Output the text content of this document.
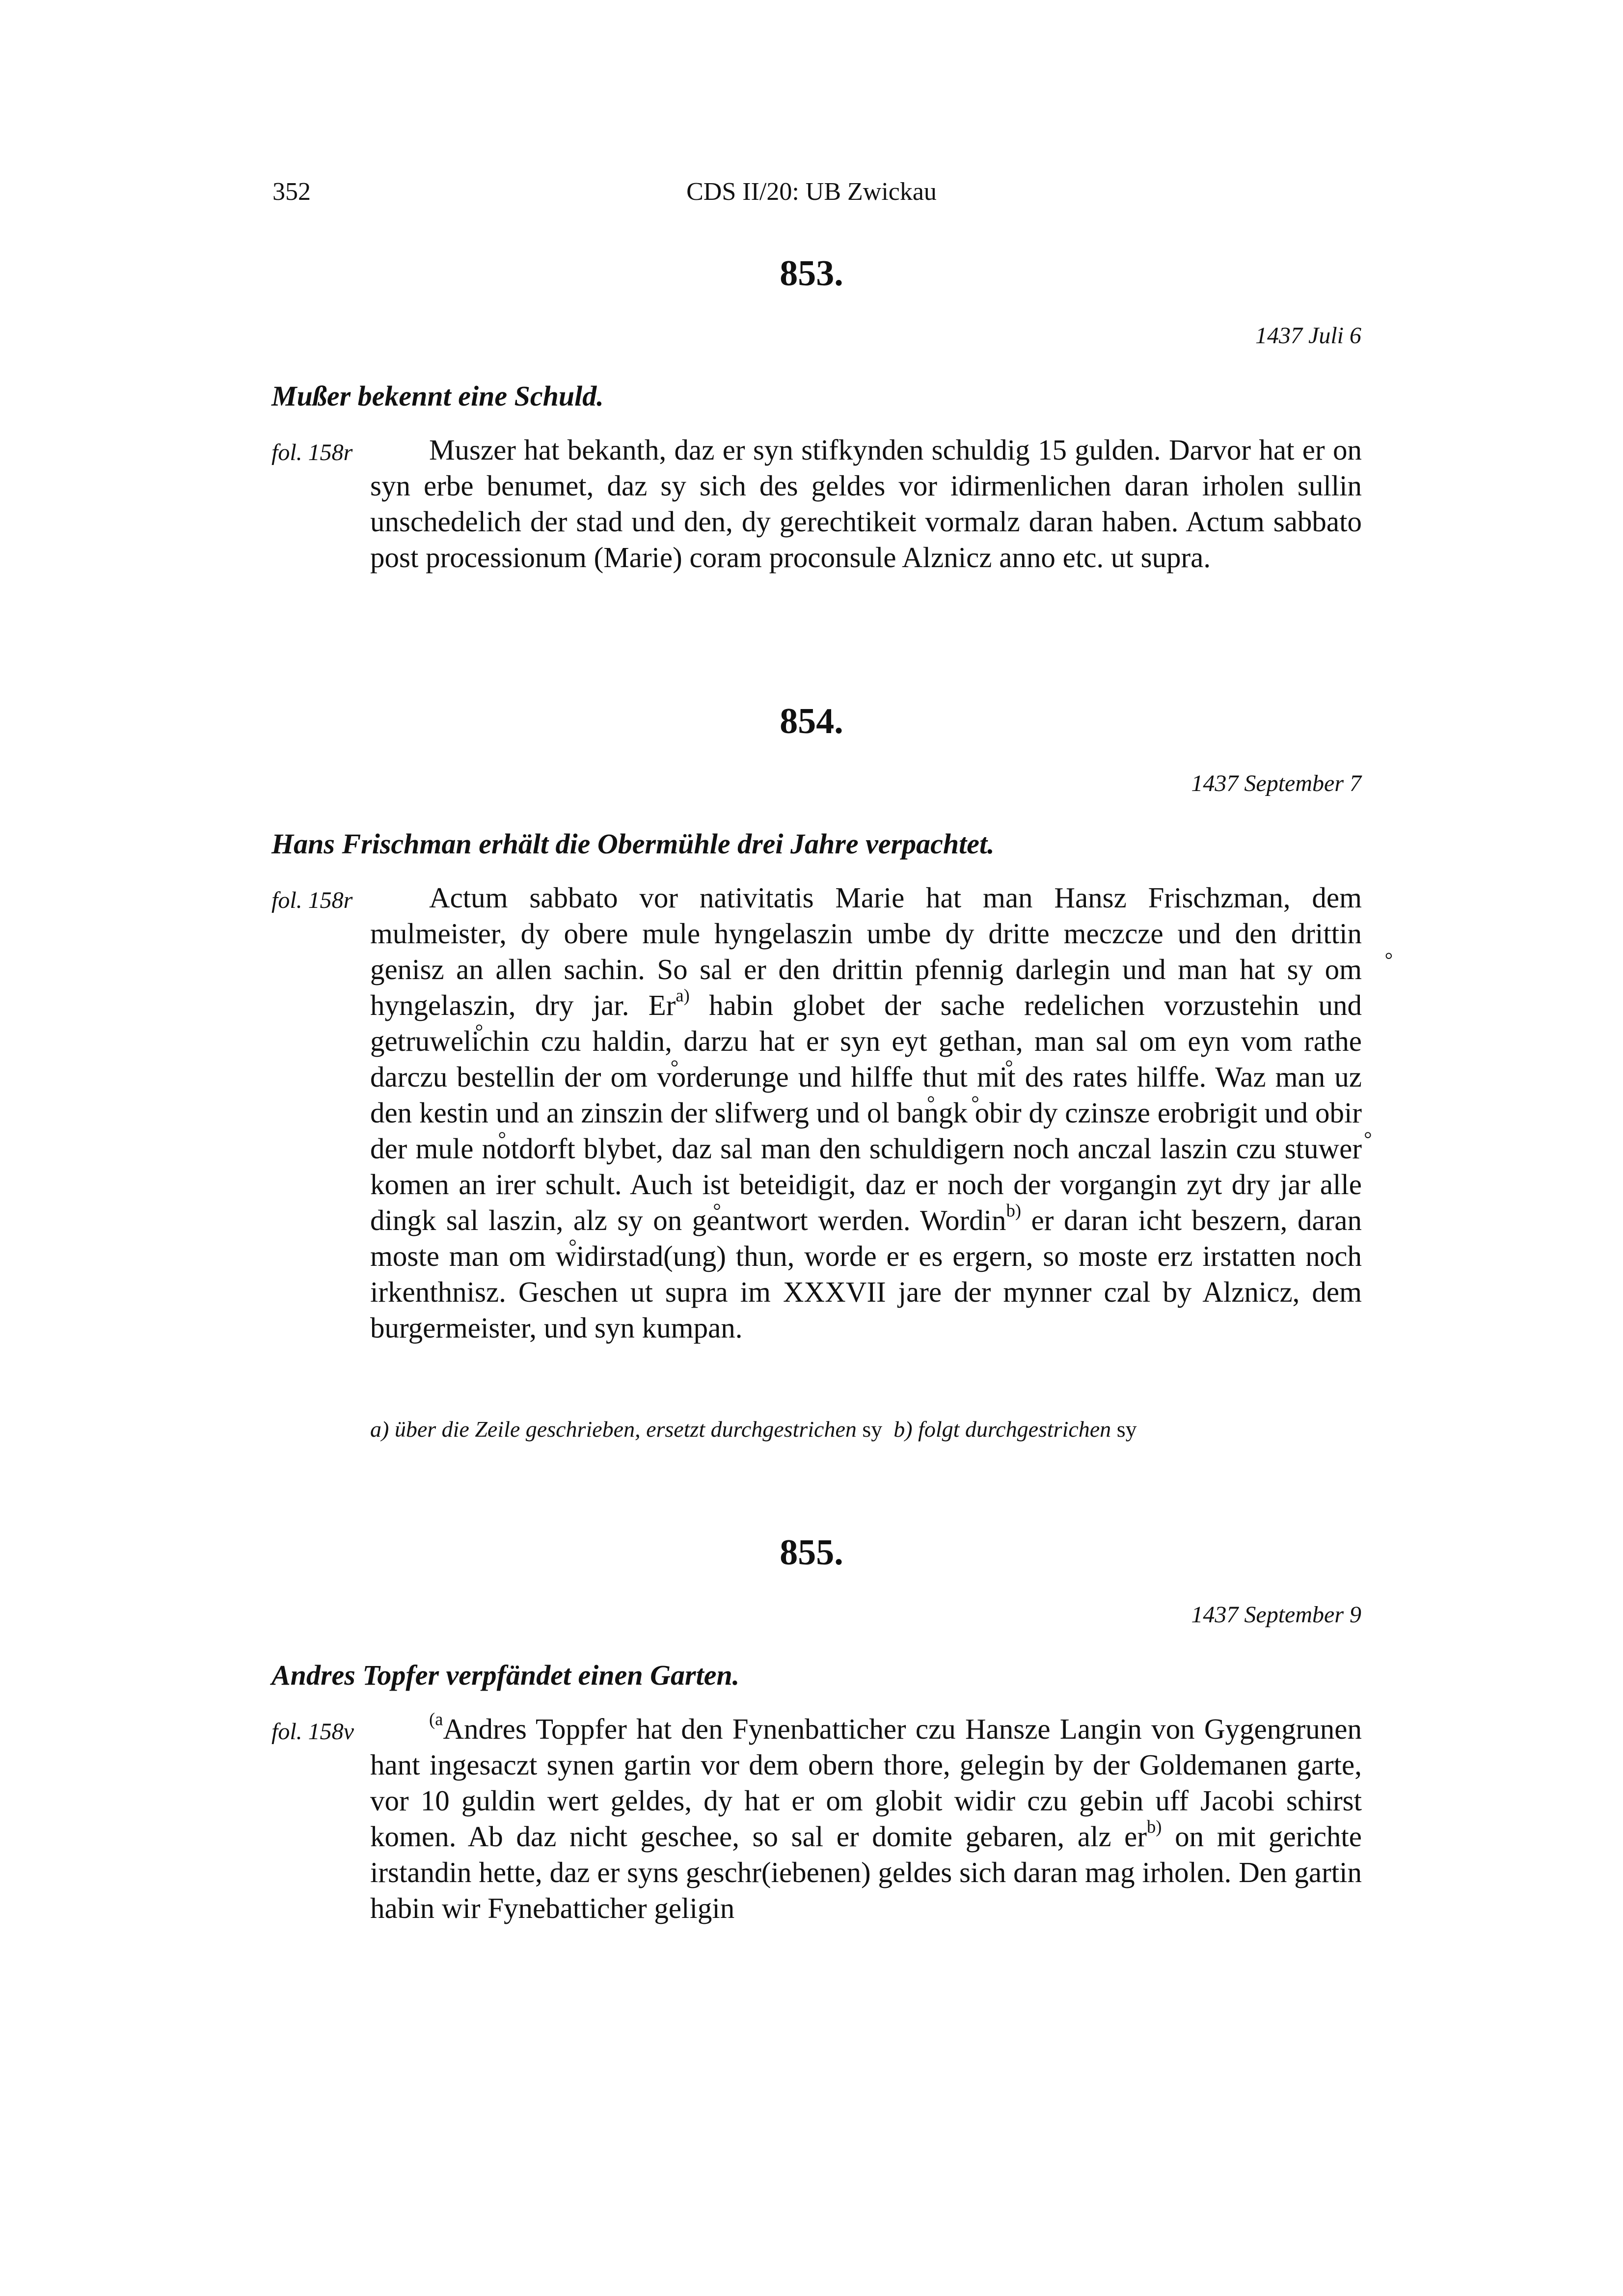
352	CDS II/20: UB Zwickau
853.
1437 Juli 6
Mußer bekennt eine Schuld.
fol. 158r	Muszer hat bekanth, daz er syn stifkynden schuldig 15 gulden. Darvor hat er on syn erbe benumet, daz sy sich des geldes vor idirmenlichen daran irholen sullin unschedelich der stad und den, dy gerechtikeit vormalz daran haben. Actum sabbato post processionum (Marie) coram proconsule Alznicz anno etc. ut supra.

854.
1437 September 7
Hans Frischman erhält die Obermühle drei Jahre verpachtet.
fol. 158r	Actum sabbato vor nativitatis Marie hat man Hansz Frischzman, dem mulmeister, dy obere mule hyngelaszin umbe dy dritte meczcze und den drittin genisz an allen sachin. So sal er den drittin pfennig darlegin und man hat sy ° om hyngelaszin, dry jar. Er$^{a)}$ habin globet der sache redelichen vorzustehin und getr° uwelichin czu haldin, darzu hat er syn eyt gethan, man sal om eyn vom rathe darczu bestellin der ° om vorderunge und hilffe th° ut mit des rates hilffe. Waz man uz den kestin und an zinszin der slifwerg und ° ol b° angk obir dy czinsze erobrigit und obir der m° ule notdorft blybet, daz sal man den schuldigern noch anczal laszin czu st° uwer komen an irer schult. Auch ist beteidigit, daz er noch der vorgangin zyt dry jar alle dingk sal laszin, alz sy ° on geantwort werden. Wordin$^{b)}$ er daran icht beszern, daran moste man ° om widirstad(ung) thun, worde er es ergern, so moste erz irstatten noch irkenthnisz. Geschen ut supra im XXXVII jare der mynner czal by Alznicz, dem burgermeister, und syn kumpan.

a) über die Zeile geschrieben, ersetzt durchgestrichen sy b) folgt durchgestrichen sy

855.
1437 September 9
Andres Topfer verpfändet einen Garten.
fol. 158v	$^{(a}$Andres Toppfer hat den Fynenbatticher czu Hansze Langin von Gygengrunen hant ingesaczt synen gartin vor dem obern thore, gelegin by der Goldemanen garte, vor 10 guldin wert geldes, dy hat er om globit widir czu gebin uff Jacobi schirst komen. Ab daz nicht geschee, so sal er domite gebaren, alz $er^{b)}$ on mit gerichte irstandin hette, daz er syns geschr(iebenen) geldes sich daran mag irholen. Den gartin habin wir Fynebatticher geligin
